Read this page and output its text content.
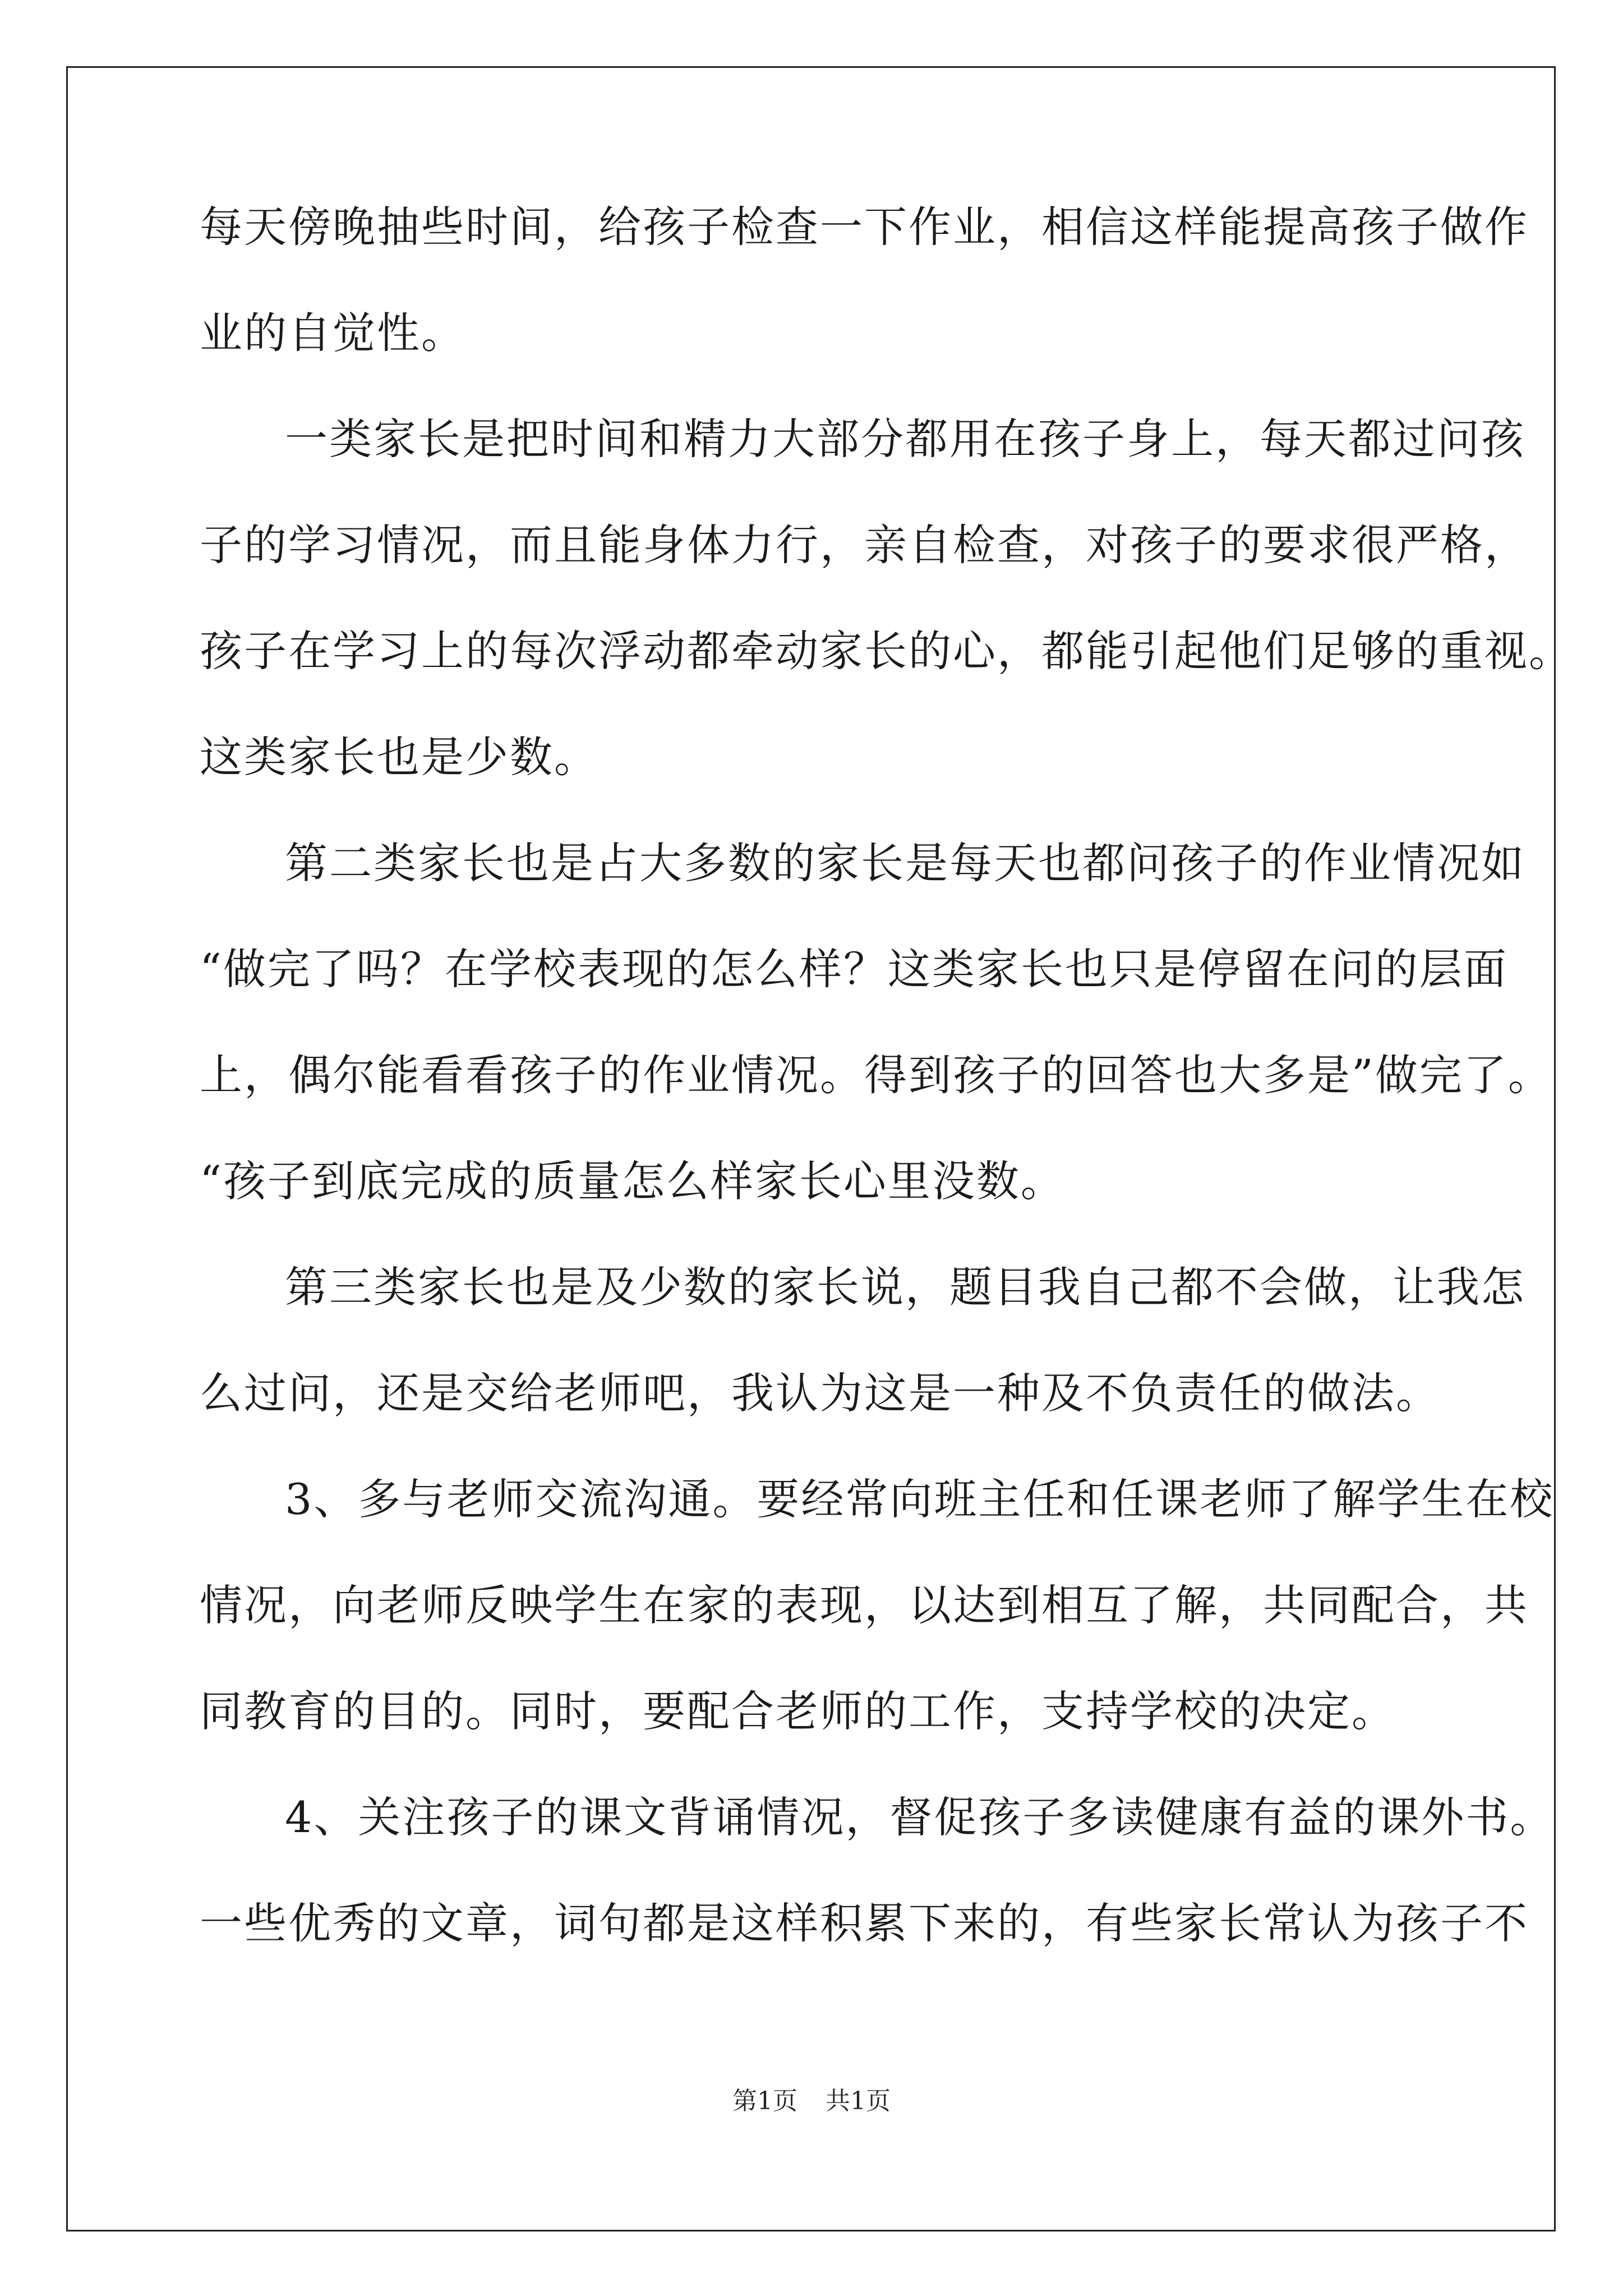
每天傍晚抽些时间，给孩子检查一下作业，相信这样能提高孩子做作
业的自觉性。
一类家长是把时间和精力大部分都用在孩子身上，每天都过问孩
子的学习情况，而且能身体力行，亲自检查，对孩子的要求很严格，
孩子在学习上的每次浮动都牵动家长的心，都能引起他们足够的重视。
这类家长也是少数。
第二类家长也是占大多数的家长是每天也都问孩子的作业情况如
“做完了吗？在学校表现的怎么样？这类家长也只是停留在问的层面
上，偶尔能看看孩子的作业情况。得到孩子的回答也大多是”做完了。
“孩子到底完成的质量怎么样家长心里没数。
第三类家长也是及少数的家长说，题目我自己都不会做，让我怎
么过问，还是交给老师吧，我认为这是一种及不负责任的做法。
3、多与老师交流沟通。要经常向班主任和任课老师了解学生在校
情况，向老师反映学生在家的表现，以达到相互了解，共同配合，共
同教育的目的。同时，要配合老师的工作，支持学校的决定。
4、关注孩子的课文背诵情况，督促孩子多读健康有益的课外书。
一些优秀的文章，词句都是这样积累下来的，有些家长常认为孩子不
第1页 共1页
